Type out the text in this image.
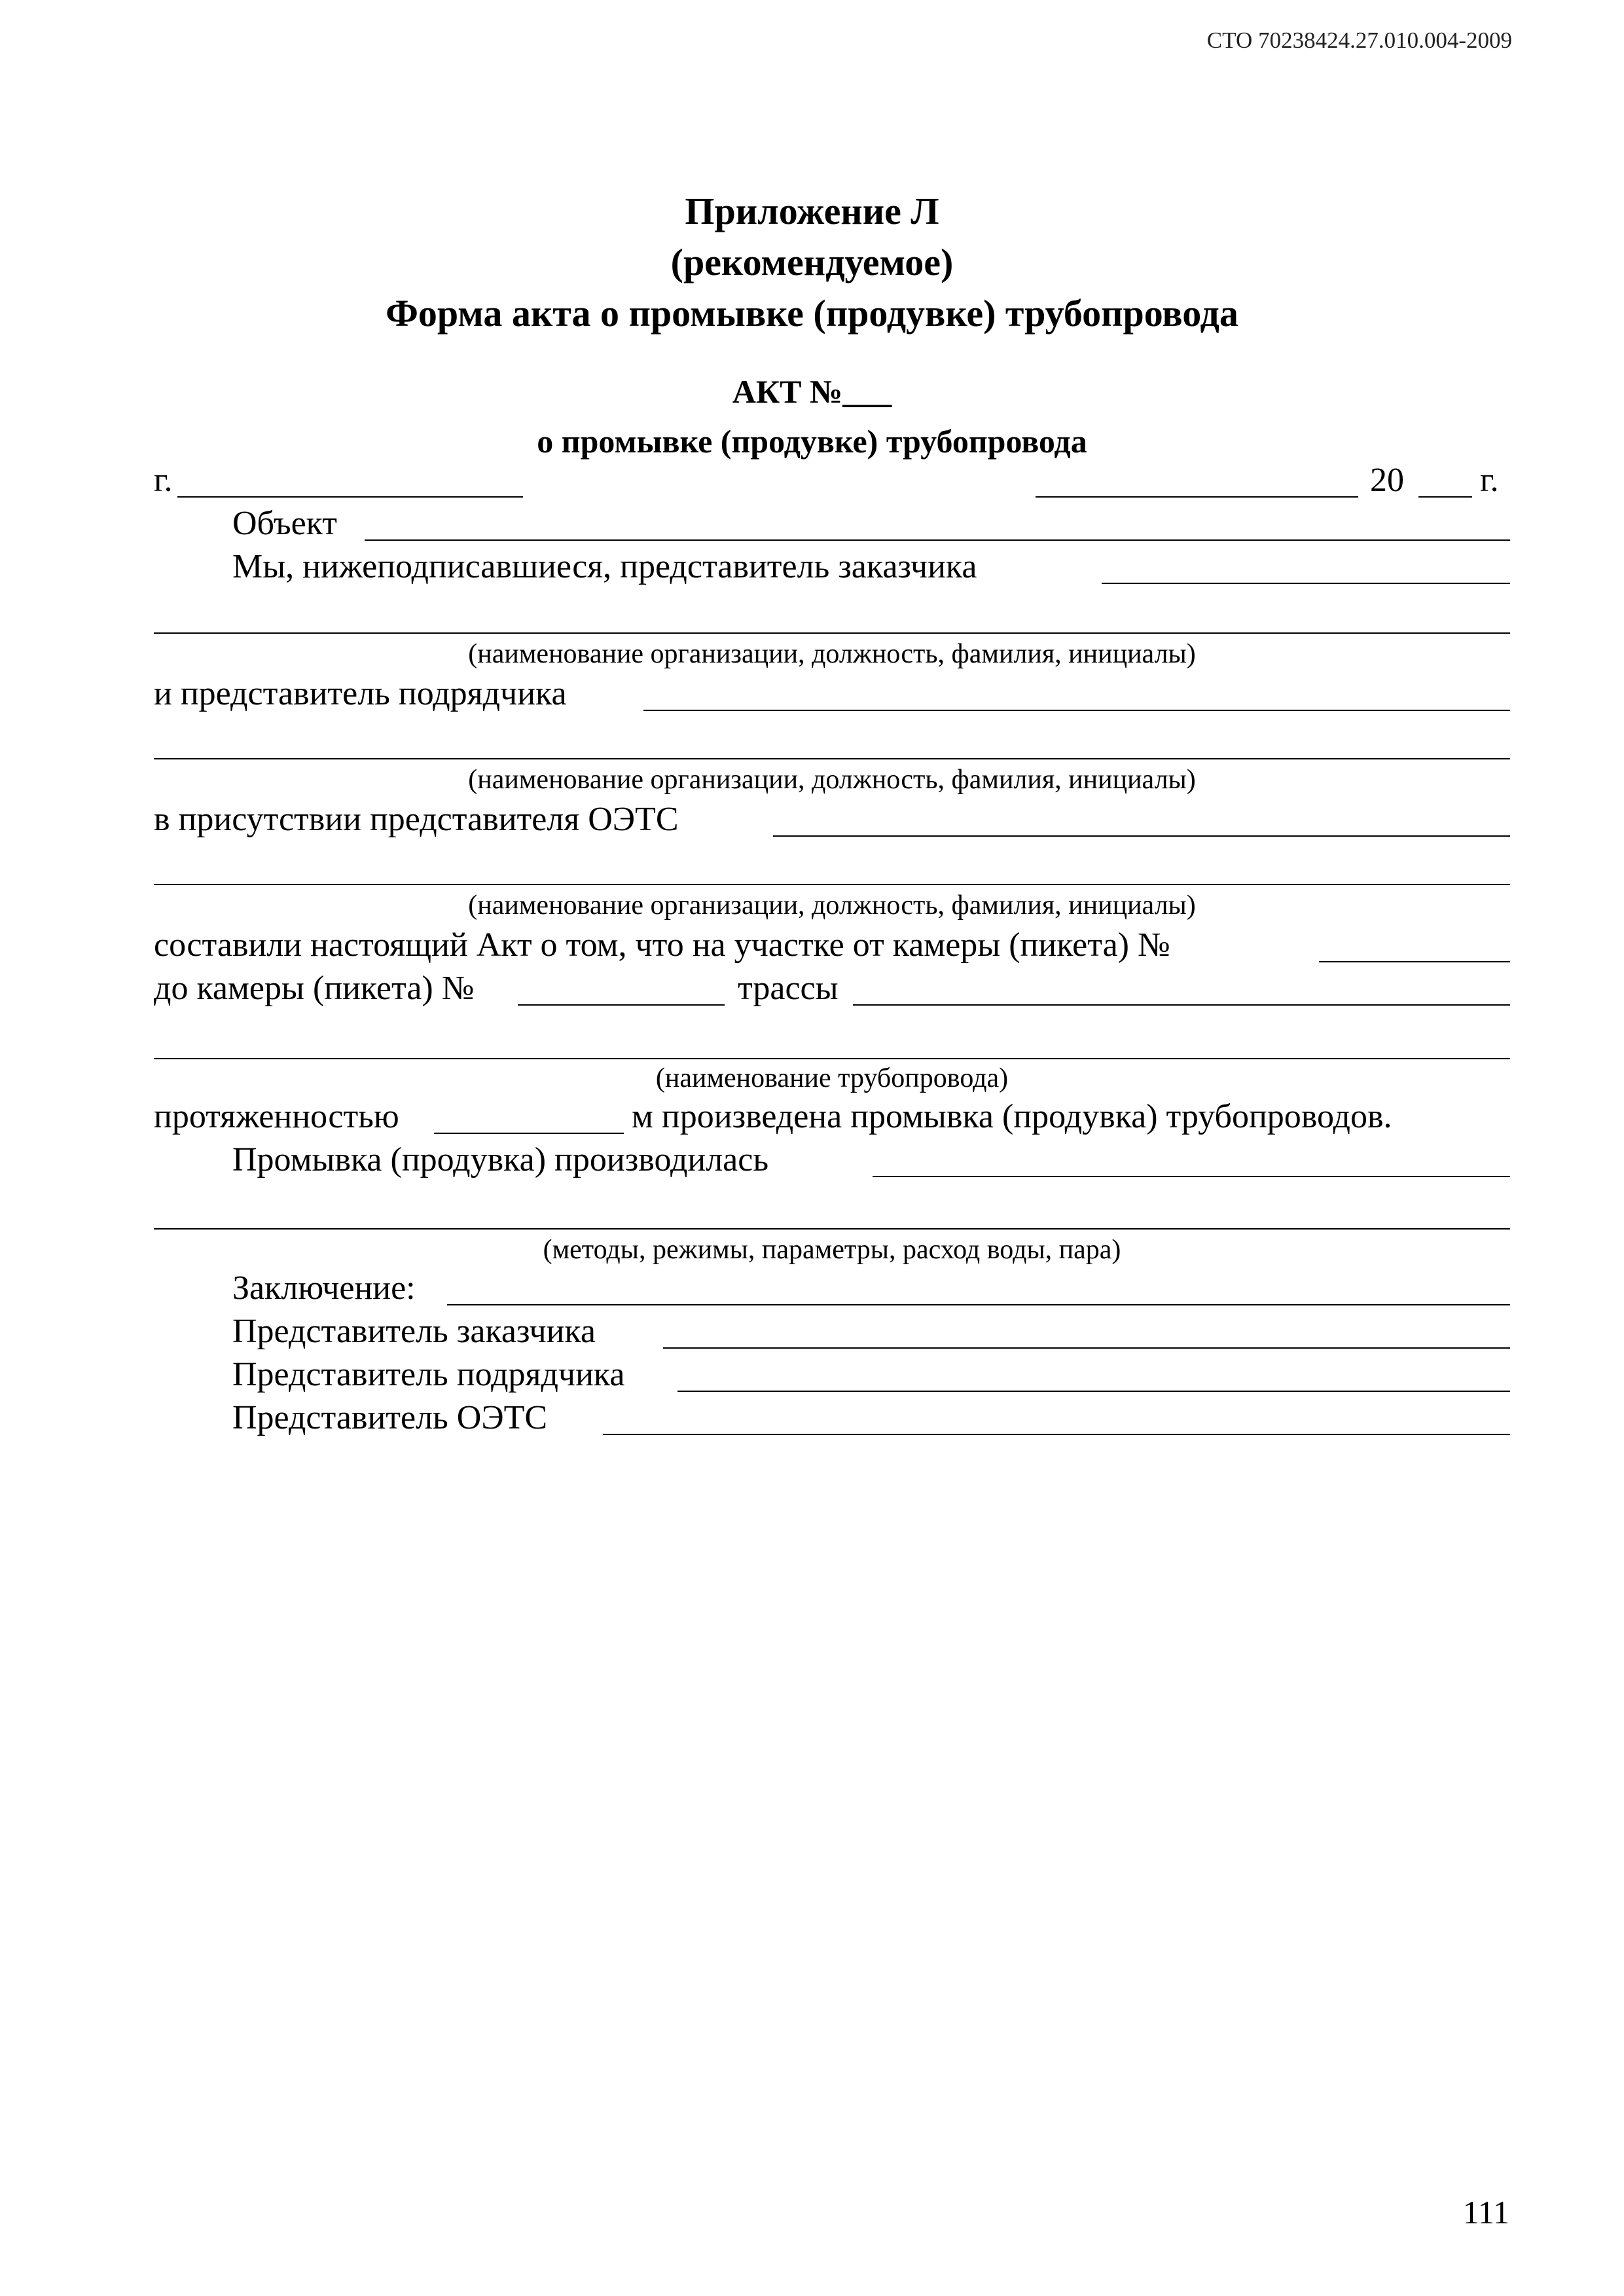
СТО 70238424.27.010.004-2009
Приложение Л
(рекомендуемое)
Форма акта о промывке (продувке) трубопровода
АКТ №___
о промывке (продувке) трубопровода
г.	20 г.
Объект
Мы, нижеподписавшиеся, представитель заказчика
(наименование организации, должность, фамилия, инициалы)
и представитель подрядчика
(наименование организации, должность, фамилия, инициалы)
в присутствии представителя ОЭТС
(наименование организации, должность, фамилия, инициалы)
составили настоящий Акт о том, что на участке от камеры (пикета) №
до камеры (пикета) №	трассы
(наименование трубопровода)
протяженностью	м произведена промывка (продувка) трубопроводов.
Промывка (продувка) производилась
(методы, режимы, параметры, расход воды, пара)
Заключение:
Представитель заказчика
Представитель подрядчика
Представитель ОЭТС
111
